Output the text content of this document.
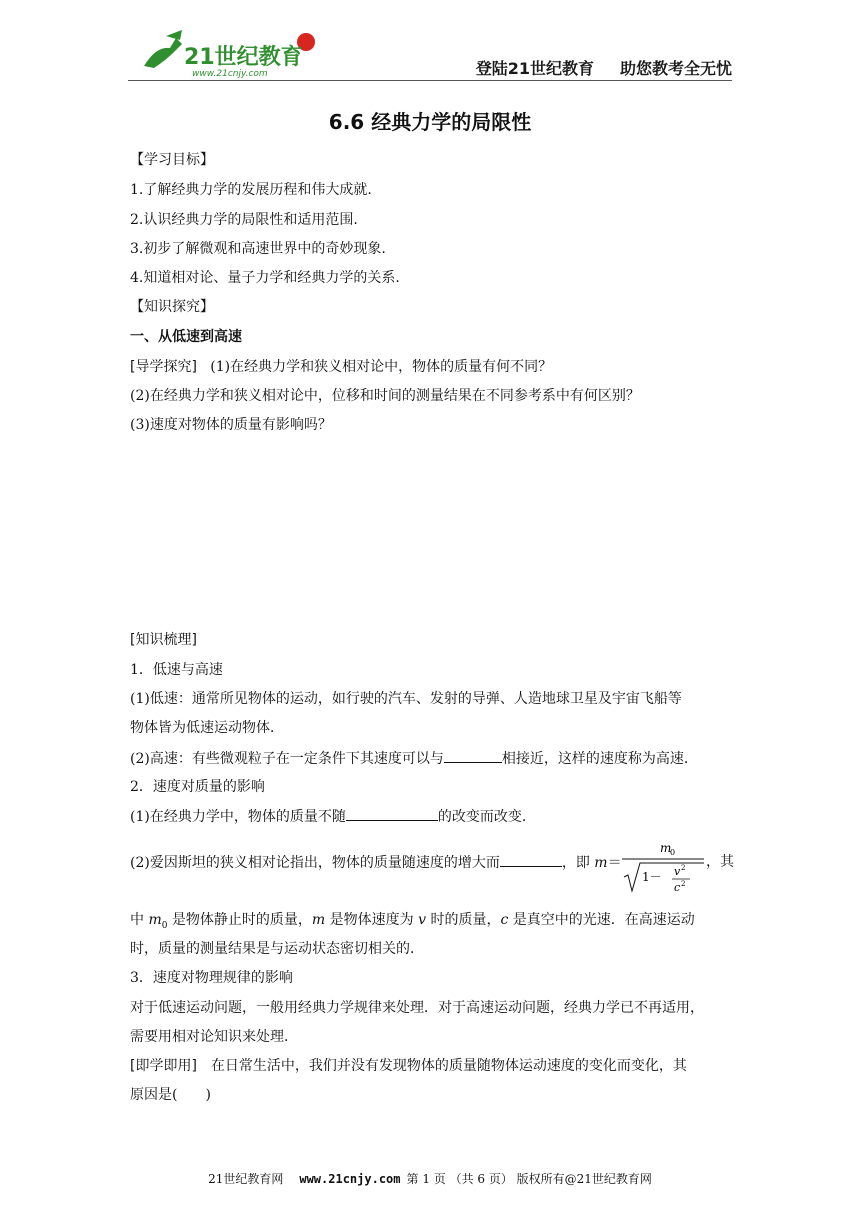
21世纪教育
www.21cnjy.com	登陆21世纪教育 助您教考全无忧
6.6 经典力学的局限性
【学习目标】
1.了解经典力学的发展历程和伟大成就.
2.认识经典力学的局限性和适用范围.
3.初步了解微观和高速世界中的奇妙现象.
4.知道相对论、量子力学和经典力学的关系.
【知识探究】
一、从低速到高速
[导学探究] (1)在经典力学和狭义相对论中，物体的质量有何不同？
(2)在经典力学和狭义相对论中，位移和时间的测量结果在不同参考系中有何区别？
(3)速度对物体的质量有影响吗？
[知识梳理]
1．低速与高速
(1)低速：通常所见物体的运动，如行驶的汽车、发射的导弹、人造地球卫星及宇宙飞船等
物体皆为低速运动物体．
(2)高速：有些微观粒子在一定条件下其速度可以与	相接近，这样的速度称为高速．
2．速度对质量的影响
(1)在经典力学中，物体的质量不随	的改变而改变．
(2)爱因斯坦的狭义相对论指出，物体的质量随速度的增大而	，即 m＝
m
0
1－ v 2
c 2
，其
中 $m_0$ 是物体静止时的质量，m 是物体速度为 v 时的质量，c 是真空中的光速．在高速运动
时，质量的测量结果是与运动状态密切相关的．
3．速度对物理规律的影响
对于低速运动问题，一般用经典力学规律来处理．对于高速运动问题，经典力学已不再适用，
需要用相对论知识来处理．
[即学即用]　在日常生活中，我们并没有发现物体的质量随物体运动速度的变化而变化，其
原因是(　　)
21世纪教育网 www.21cnjy.com 第 1 页 （共 6 页） 版权所有@21世纪教育网
